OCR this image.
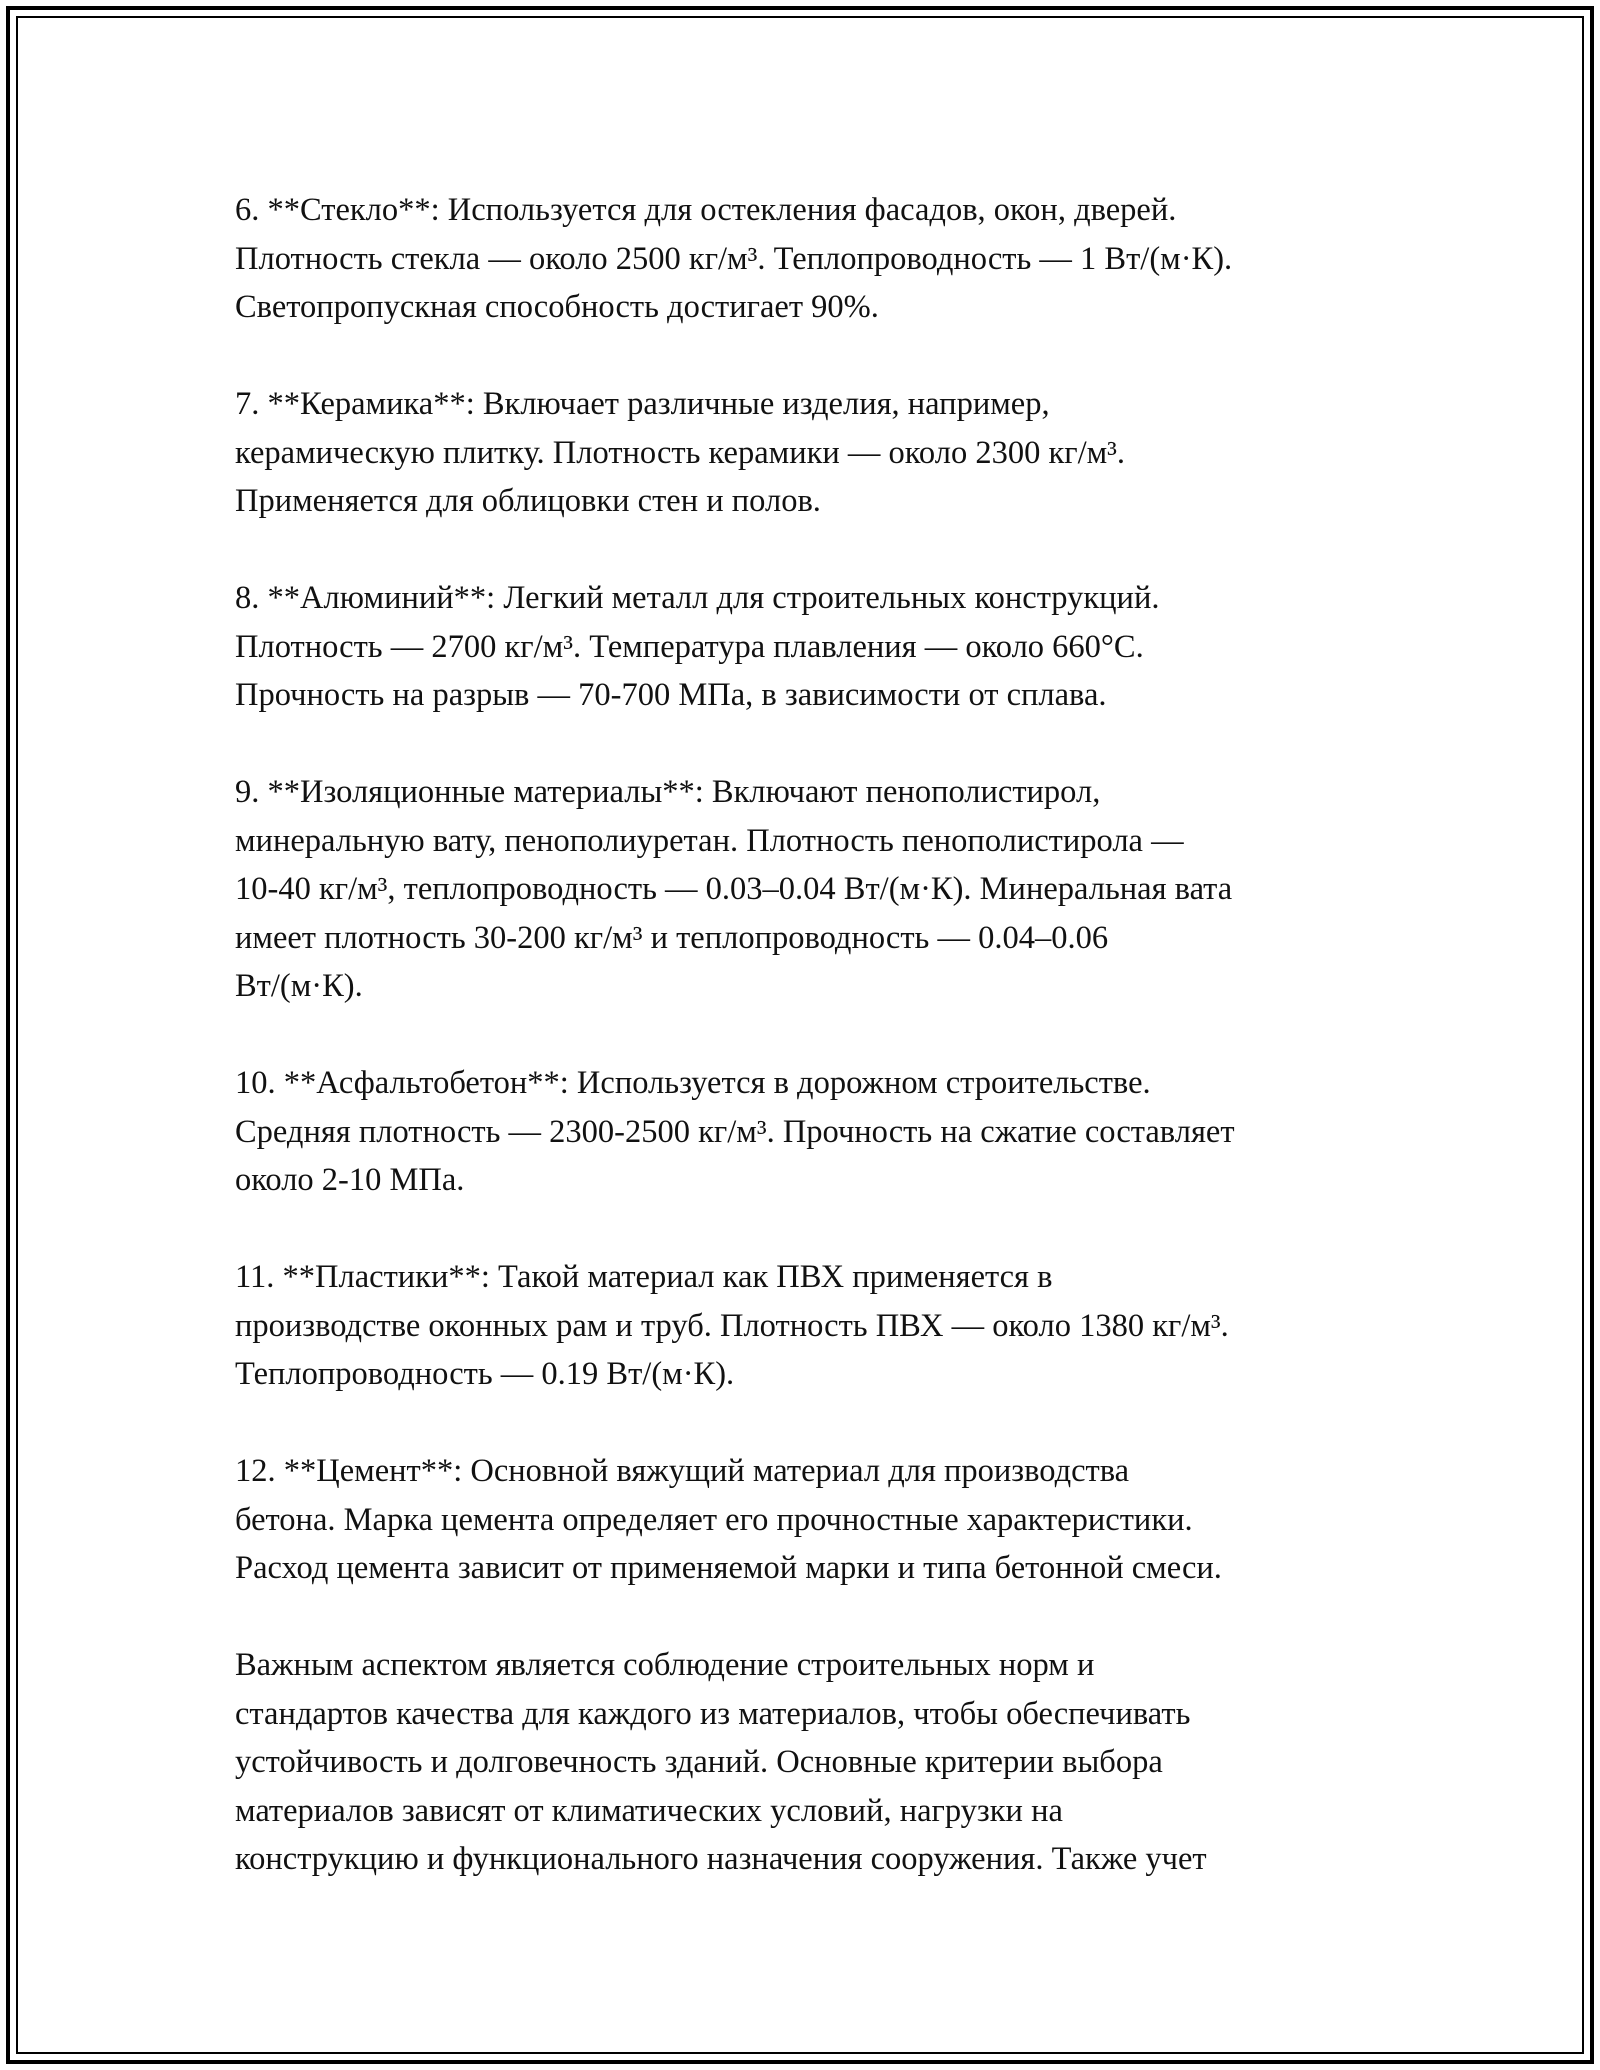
6. **Стекло**: Используется для остекления фасадов, окон, дверей.
Плотность стекла — около 2500 кг/м³. Теплопроводность — 1 Вт/(м·К).
Светопропускная способность достигает 90%.
7. **Керамика**: Включает различные изделия, например,
керамическую плитку. Плотность керамики — около 2300 кг/м³.
Применяется для облицовки стен и полов.
8. **Алюминий**: Легкий металл для строительных конструкций.
Плотность — 2700 кг/м³. Температура плавления — около 660°C.
Прочность на разрыв — 70-700 МПа, в зависимости от сплава.
9. **Изоляционные материалы**: Включают пенополистирол,
минеральную вату, пенополиуретан. Плотность пенополистирола —
10-40 кг/м³, теплопроводность — 0.03–0.04 Вт/(м·К). Минеральная вата
имеет плотность 30-200 кг/м³ и теплопроводность — 0.04–0.06
Вт/(м·К).
10. **Асфальтобетон**: Используется в дорожном строительстве.
Средняя плотность — 2300-2500 кг/м³. Прочность на сжатие составляет
около 2-10 МПа.
11. **Пластики**: Такой материал как ПВХ применяется в
производстве оконных рам и труб. Плотность ПВХ — около 1380 кг/м³.
Теплопроводность — 0.19 Вт/(м·К).
12. **Цемент**: Основной вяжущий материал для производства
бетона. Марка цемента определяет его прочностные характеристики.
Расход цемента зависит от применяемой марки и типа бетонной смеси.
Важным аспектом является соблюдение строительных норм и
стандартов качества для каждого из материалов, чтобы обеспечивать
устойчивость и долговечность зданий. Основные критерии выбора
материалов зависят от климатических условий, нагрузки на
конструкцию и функционального назначения сооружения. Также учет
